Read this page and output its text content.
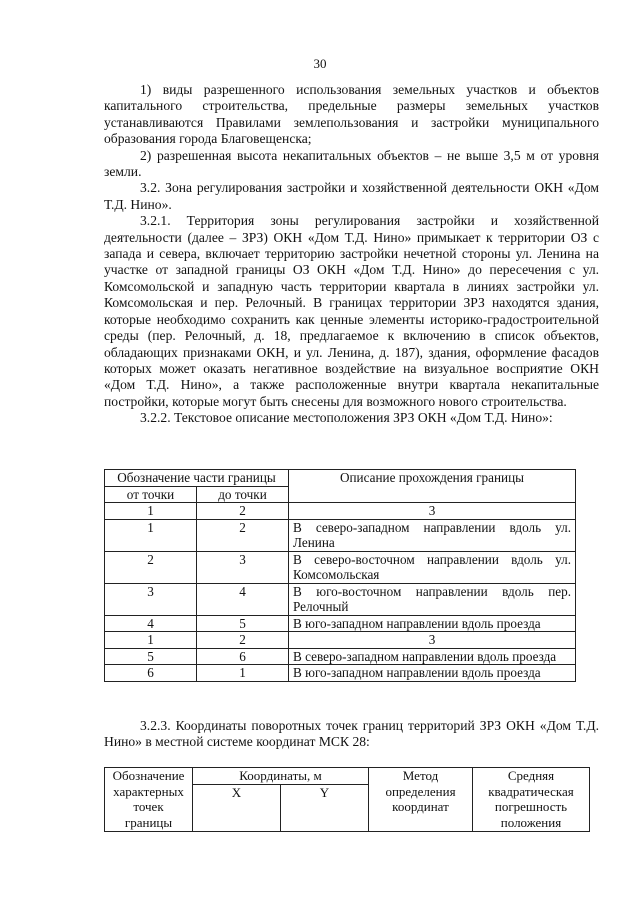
30

1) виды разрешенного использования земельных участков и объектов капитального строительства, предельные размеры земельных участков устанавливаются Правилами землепользования и застройки муниципального образования города Благовещенска;

2) разрешенная высота некапитальных объектов – не выше 3,5 м от уровня земли.

3.2. Зона регулирования застройки и хозяйственной деятельности ОКН «Дом Т.Д. Нино».

3.2.1. Территория зоны регулирования застройки и хозяйственной деятельности (далее – ЗРЗ) ОКН «Дом Т.Д. Нино» примыкает к территории ОЗ с запада и севера, включает территорию застройки нечетной стороны ул. Ленина на участке от западной границы ОЗ ОКН «Дом Т.Д. Нино» до пересечения с ул. Комсомольской и западную часть территории квартала в линиях застройки ул. Комсомольская и пер. Релочный. В границах территории ЗРЗ находятся здания, которые необходимо сохранить как ценные элементы историко-градостроительной среды (пер. Релочный, д. 18, предлагаемое к включению в список объектов, обладающих признаками ОКН, и ул. Ленина, д. 187), здания, оформление фасадов которых может оказать негативное воздействие на визуальное восприятие ОКН «Дом Т.Д. Нино», а также расположенные внутри квартала некапитальные постройки, которые могут быть снесены для возможного нового строительства.

3.2.2. Текстовое описание местоположения ЗРЗ ОКН «Дом Т.Д. Нино»:

Обозначение части границы		Описание прохождения границы
от точки	до точки	
1	2	3
1	2	В северо-западном направлении вдоль ул. Ленина
2	3	В северо-восточном направлении вдоль ул. Комсомольская
3	4	В юго-восточном направлении вдоль пер. Релочный
4	5	В юго-западном направлении вдоль проезда
1	2	3
5	6	В северо-западном направлении вдоль проезда
6	1	В юго-западном направлении вдоль проезда

3.2.3. Координаты поворотных точек границ территорий ЗРЗ ОКН «Дом Т.Д. Нино» в местной системе координат МСК 28:

Обозначение характерных точек границы	Координаты, м		Метод определения координат	Средняя квадратическая погрешность положения
	X	Y		
